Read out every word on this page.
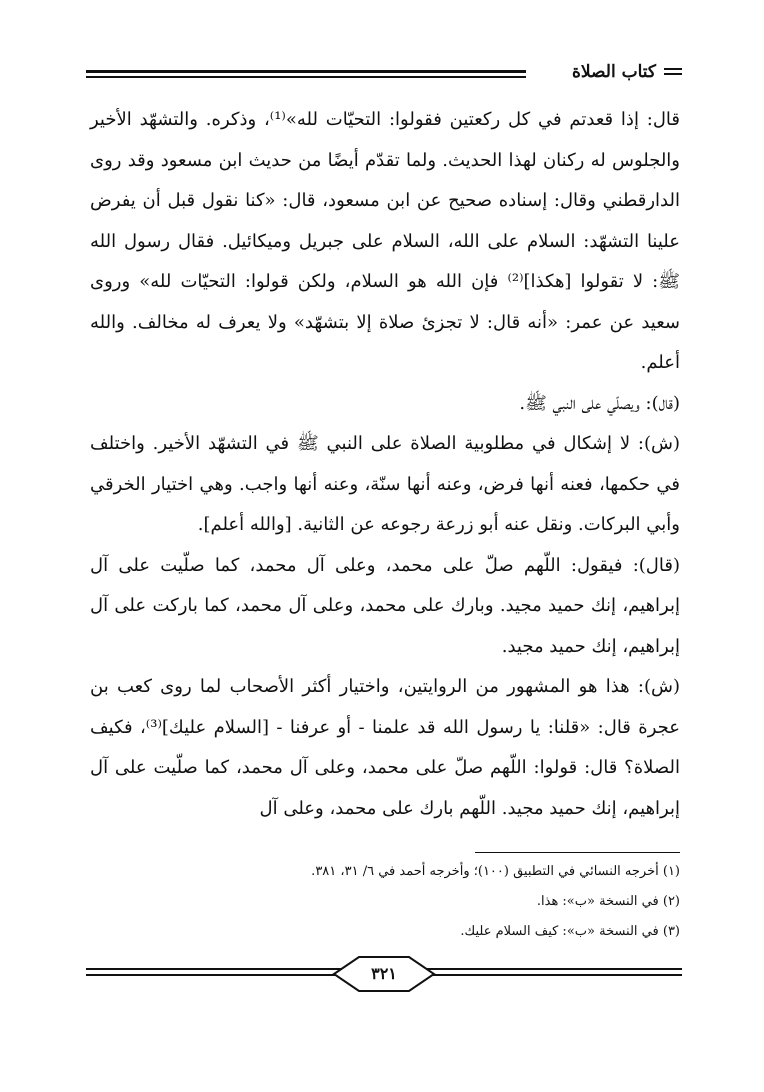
كتاب الصلاة

قال: إذا قعدتم في كل ركعتين فقولوا: التحيّات لله»⁽¹⁾، وذكره. والتشهّد الأخير والجلوس له ركنان لهذا الحديث. ولما تقدّم أيضًا من حديث ابن مسعود وقد روى الدارقطني وقال: إسناده صحيح عن ابن مسعود، قال: «كنا نقول قبل أن يفرض علينا التشهّد: السلام على الله، السلام على جبريل وميكائيل. فقال رسول الله ﷺ: لا تقولوا [هكذا]⁽²⁾ فإن الله هو السلام، ولكن قولوا: التحيّات لله» وروى سعيد عن عمر: «أنه قال: لا تجزئ صلاة إلا بتشهّد» ولا يعرف له مخالف. والله أعلم.

(قال): ويصلّي على النبي ﷺ.

(ش): لا إشكال في مطلوبية الصلاة على النبي ﷺ في التشهّد الأخير. واختلف في حكمها، فعنه أنها فرض، وعنه أنها سنّة، وعنه أنها واجب. وهي اختيار الخرقي وأبي البركات. ونقل عنه أبو زرعة رجوعه عن الثانية. [والله أعلم].

(قال): فيقول: اللّهم صلّ على محمد، وعلى آل محمد، كما صلّيت على آل إبراهيم، إنك حميد مجيد. وبارك على محمد، وعلى آل محمد، كما باركت على آل إبراهيم، إنك حميد مجيد.

(ش): هذا هو المشهور من الروايتين، واختيار أكثر الأصحاب لما روى كعب بن عجرة قال: «قلنا: يا رسول الله قد علمنا - أو عرفنا - [السلام عليك]⁽³⁾، فكيف الصلاة؟ قال: قولوا: اللّهم صلّ على محمد، وعلى آل محمد، كما صلّيت على آل إبراهيم، إنك حميد مجيد. اللّهم بارك على محمد، وعلى آل

(١) أخرجه النسائي في التطبيق (١٠٠)؛ وأخرجه أحمد في ٦/ ٣١، ٣٨١.

(٢) في النسخة «ب»: هذا.

(٣) في النسخة «ب»: كيف السلام عليك.

٣٢١
